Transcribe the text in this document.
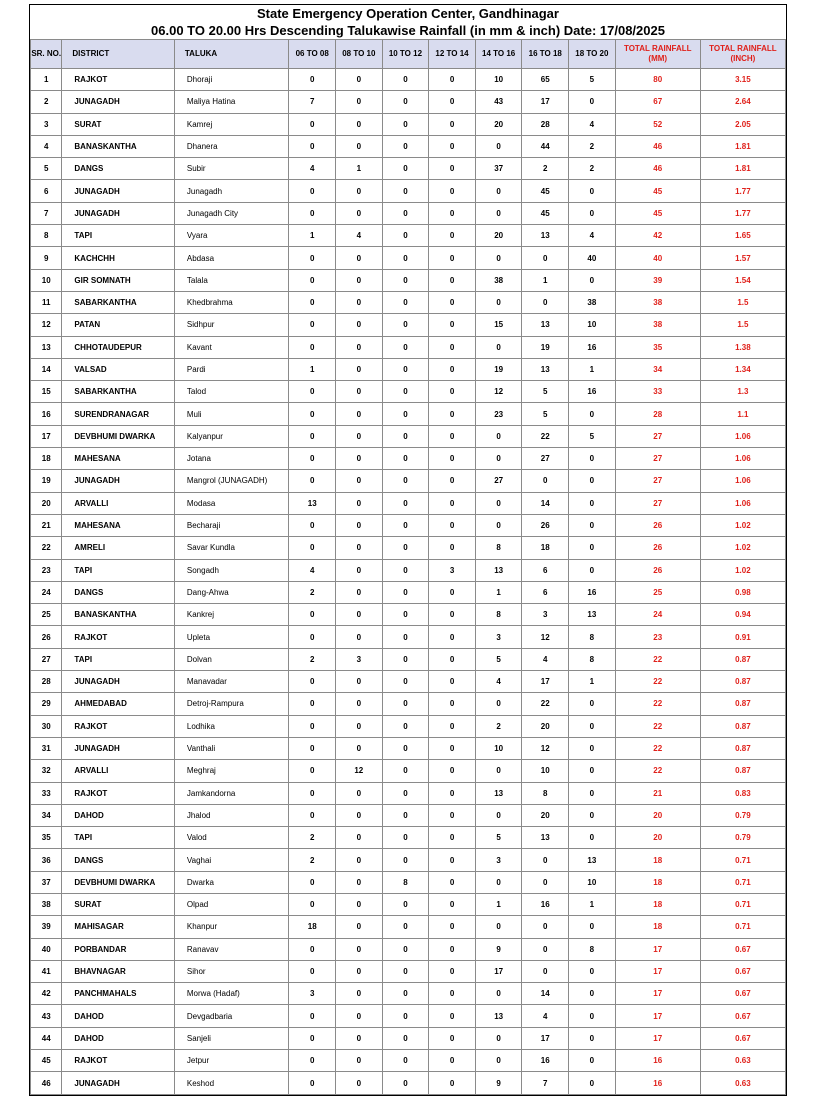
State Emergency Operation Center, Gandhinagar
06.00 TO 20.00 Hrs Descending Talukawise Rainfall (in mm & inch) Date: 17/08/2025
SR. NO.	DISTRICT	TALUKA	06 TO 08	08 TO 10	10 TO 12	12 TO 14	14 TO 16	16 TO 18	18 TO 20	TOTAL RAINFALL (MM)	TOTAL RAINFALL (INCH)
1	RAJKOT	Dhoraji	0	0	0	0	10	65	5	80	3.15
2	JUNAGADH	Maliya Hatina	7	0	0	0	43	17	0	67	2.64
3	SURAT	Kamrej	0	0	0	0	20	28	4	52	2.05
4	BANASKANTHA	Dhanera	0	0	0	0	0	44	2	46	1.81
5	DANGS	Subir	4	1	0	0	37	2	2	46	1.81
6	JUNAGADH	Junagadh	0	0	0	0	0	45	0	45	1.77
7	JUNAGADH	Junagadh City	0	0	0	0	0	45	0	45	1.77
8	TAPI	Vyara	1	4	0	0	20	13	4	42	1.65
9	KACHCHH	Abdasa	0	0	0	0	0	0	40	40	1.57
10	GIR SOMNATH	Talala	0	0	0	0	38	1	0	39	1.54
11	SABARKANTHA	Khedbrahma	0	0	0	0	0	0	38	38	1.5
12	PATAN	Sidhpur	0	0	0	0	15	13	10	38	1.5
13	CHHOTAUDEPUR	Kavant	0	0	0	0	0	19	16	35	1.38
14	VALSAD	Pardi	1	0	0	0	19	13	1	34	1.34
15	SABARKANTHA	Talod	0	0	0	0	12	5	16	33	1.3
16	SURENDRANAGAR	Muli	0	0	0	0	23	5	0	28	1.1
17	DEVBHUMI DWARKA	Kalyanpur	0	0	0	0	0	22	5	27	1.06
18	MAHESANA	Jotana	0	0	0	0	0	27	0	27	1.06
19	JUNAGADH	Mangrol (JUNAGADH)	0	0	0	0	27	0	0	27	1.06
20	ARVALLI	Modasa	13	0	0	0	0	14	0	27	1.06
21	MAHESANA	Becharaji	0	0	0	0	0	26	0	26	1.02
22	AMRELI	Savar Kundla	0	0	0	0	8	18	0	26	1.02
23	TAPI	Songadh	4	0	0	3	13	6	0	26	1.02
24	DANGS	Dang-Ahwa	2	0	0	0	1	6	16	25	0.98
25	BANASKANTHA	Kankrej	0	0	0	0	8	3	13	24	0.94
26	RAJKOT	Upleta	0	0	0	0	3	12	8	23	0.91
27	TAPI	Dolvan	2	3	0	0	5	4	8	22	0.87
28	JUNAGADH	Manavadar	0	0	0	0	4	17	1	22	0.87
29	AHMEDABAD	Detroj-Rampura	0	0	0	0	0	22	0	22	0.87
30	RAJKOT	Lodhika	0	0	0	0	2	20	0	22	0.87
31	JUNAGADH	Vanthali	0	0	0	0	10	12	0	22	0.87
32	ARVALLI	Meghraj	0	12	0	0	0	10	0	22	0.87
33	RAJKOT	Jamkandorna	0	0	0	0	13	8	0	21	0.83
34	DAHOD	Jhalod	0	0	0	0	0	20	0	20	0.79
35	TAPI	Valod	2	0	0	0	5	13	0	20	0.79
36	DANGS	Vaghai	2	0	0	0	3	0	13	18	0.71
37	DEVBHUMI DWARKA	Dwarka	0	0	8	0	0	0	10	18	0.71
38	SURAT	Olpad	0	0	0	0	1	16	1	18	0.71
39	MAHISAGAR	Khanpur	18	0	0	0	0	0	0	18	0.71
40	PORBANDAR	Ranavav	0	0	0	0	9	0	8	17	0.67
41	BHAVNAGAR	Sihor	0	0	0	0	17	0	0	17	0.67
42	PANCHMAHALS	Morwa (Hadaf)	3	0	0	0	0	14	0	17	0.67
43	DAHOD	Devgadbaria	0	0	0	0	13	4	0	17	0.67
44	DAHOD	Sanjeli	0	0	0	0	0	17	0	17	0.67
45	RAJKOT	Jetpur	0	0	0	0	0	16	0	16	0.63
46	JUNAGADH	Keshod	0	0	0	0	9	7	0	16	0.63
